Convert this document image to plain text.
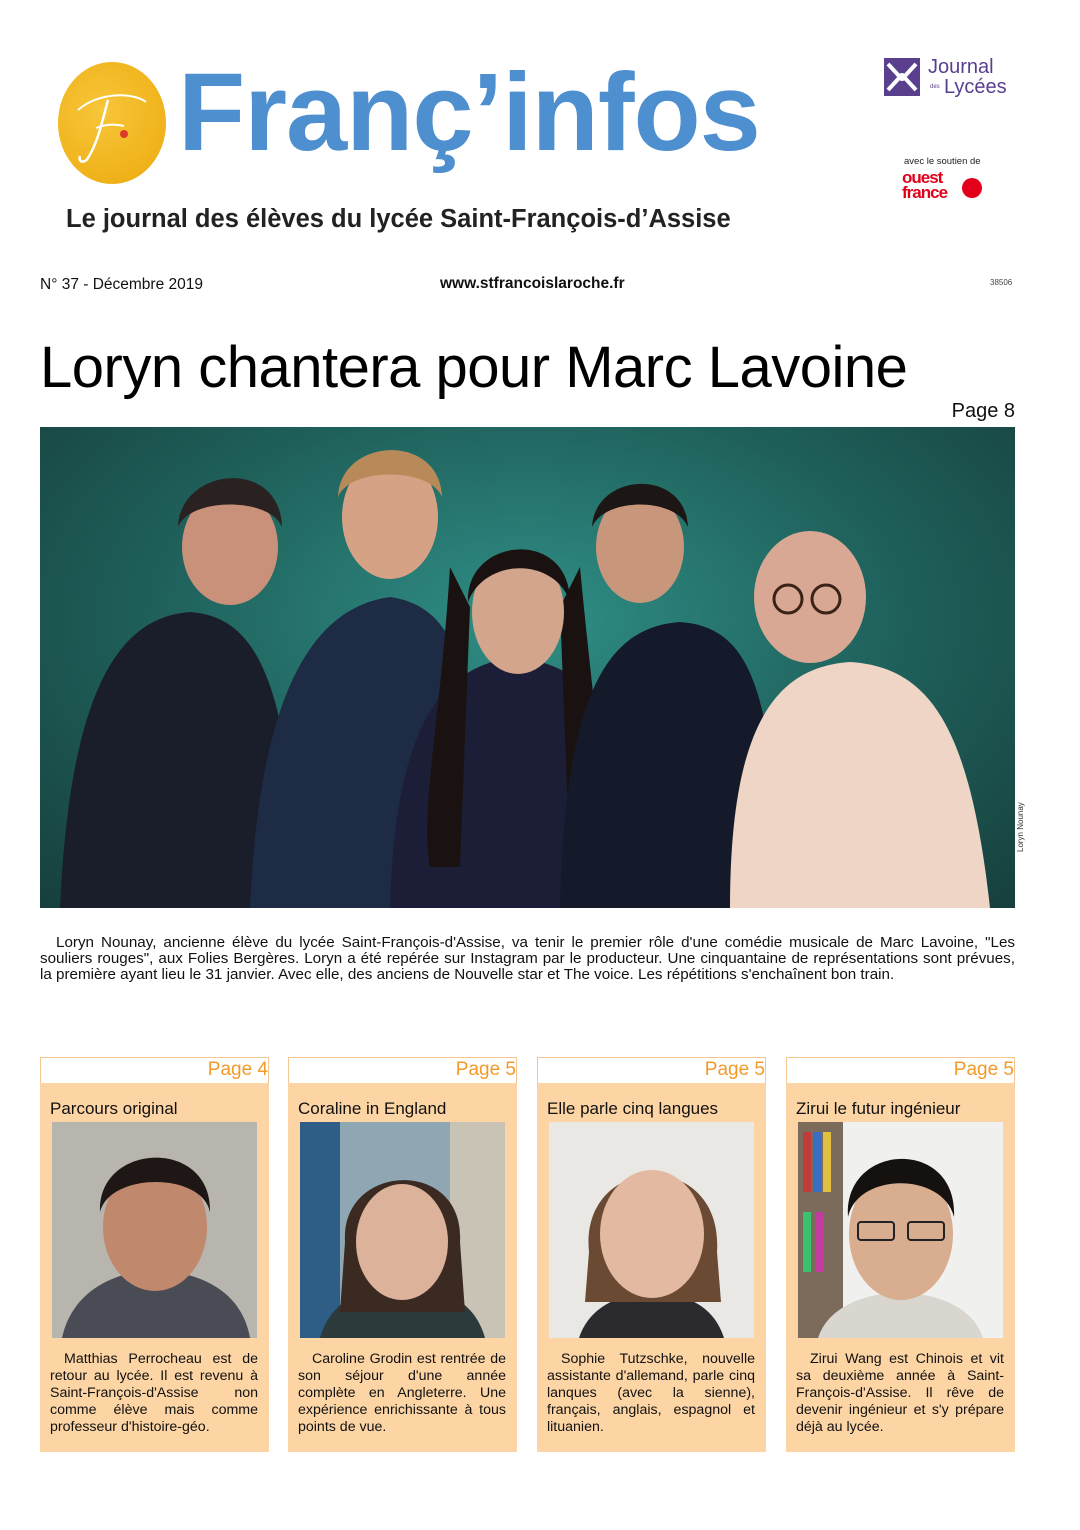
Franç’infos
Le journal des élèves du lycée Saint-François-d’Assise
Journal
des Lycées
avec le soutien de
ouest
france
N° 37 - Décembre 2019	www.stfrancoislaroche.fr	38506
Loryn chantera pour Marc Lavoine
Page 8
Loryn Nounay
Loryn Nounay, ancienne élève du lycée Saint-François-d'Assise, va tenir le premier rôle d'une comédie musicale de Marc Lavoine, "Les souliers rouges", aux Folies Bergères. Loryn a été repérée sur Instagram par le producteur. Une cinquantaine de représentations sont prévues, la première ayant lieu le 31 janvier. Avec elle, des anciens de Nouvelle star et The voice. Les répétitions s'enchaînent bon train.
Page 4
Parcours original
Matthias Perrocheau est de retour au lycée. Il est revenu à Saint-François-d'Assise non comme élève mais comme professeur d'histoire-géo.
Page 5
Coraline in England
Caroline Grodin est rentrée de son séjour d'une année complète en Angleterre. Une expérience enrichissante à tous points de vue.
Page 5
Elle parle cinq langues
Sophie Tutzschke, nouvelle assistante d'allemand, parle cinq lanques (avec la sienne), français, anglais, espagnol et lituanien.
Page 5
Zirui le futur ingénieur
Zirui Wang est Chinois et vit sa deuxième année à Saint-François-d'Assise. Il rêve de devenir ingénieur et s'y prépare déjà au lycée.
